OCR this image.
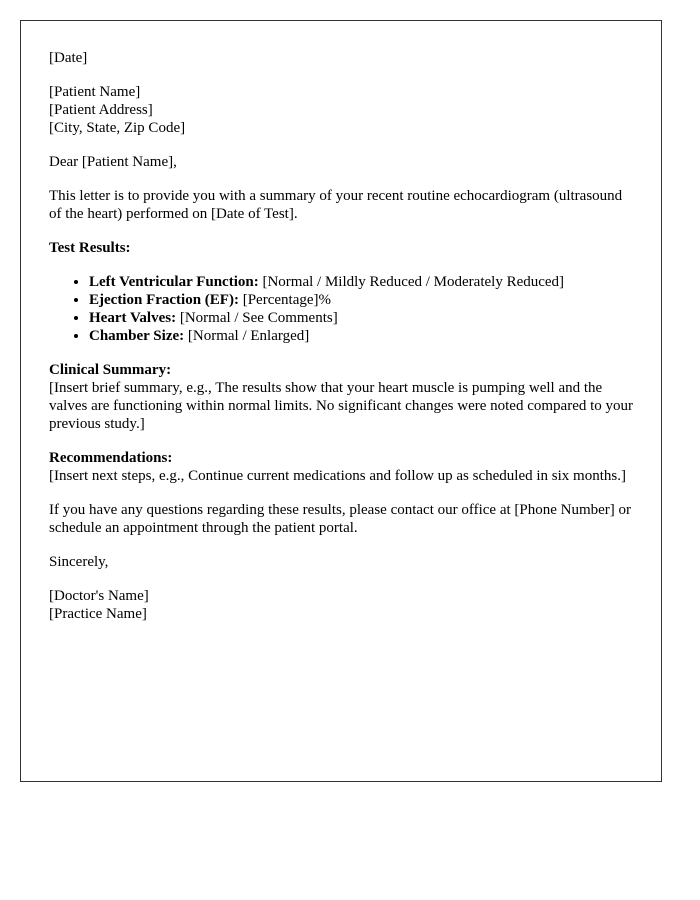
[Date]
[Patient Name]
[Patient Address]
[City, State, Zip Code]
Dear [Patient Name],
This letter is to provide you with a summary of your recent routine echocardiogram (ultrasound of the heart) performed on [Date of Test].
Test Results:
• Left Ventricular Function: [Normal / Mildly Reduced / Moderately Reduced]
• Ejection Fraction (EF): [Percentage]%
• Heart Valves: [Normal / See Comments]
• Chamber Size: [Normal / Enlarged]
Clinical Summary:
[Insert brief summary, e.g., The results show that your heart muscle is pumping well and the valves are functioning within normal limits. No significant changes were noted compared to your previous study.]
Recommendations:
[Insert next steps, e.g., Continue current medications and follow up as scheduled in six months.]
If you have any questions regarding these results, please contact our office at [Phone Number] or schedule an appointment through the patient portal.
Sincerely,
[Doctor's Name]
[Practice Name]
